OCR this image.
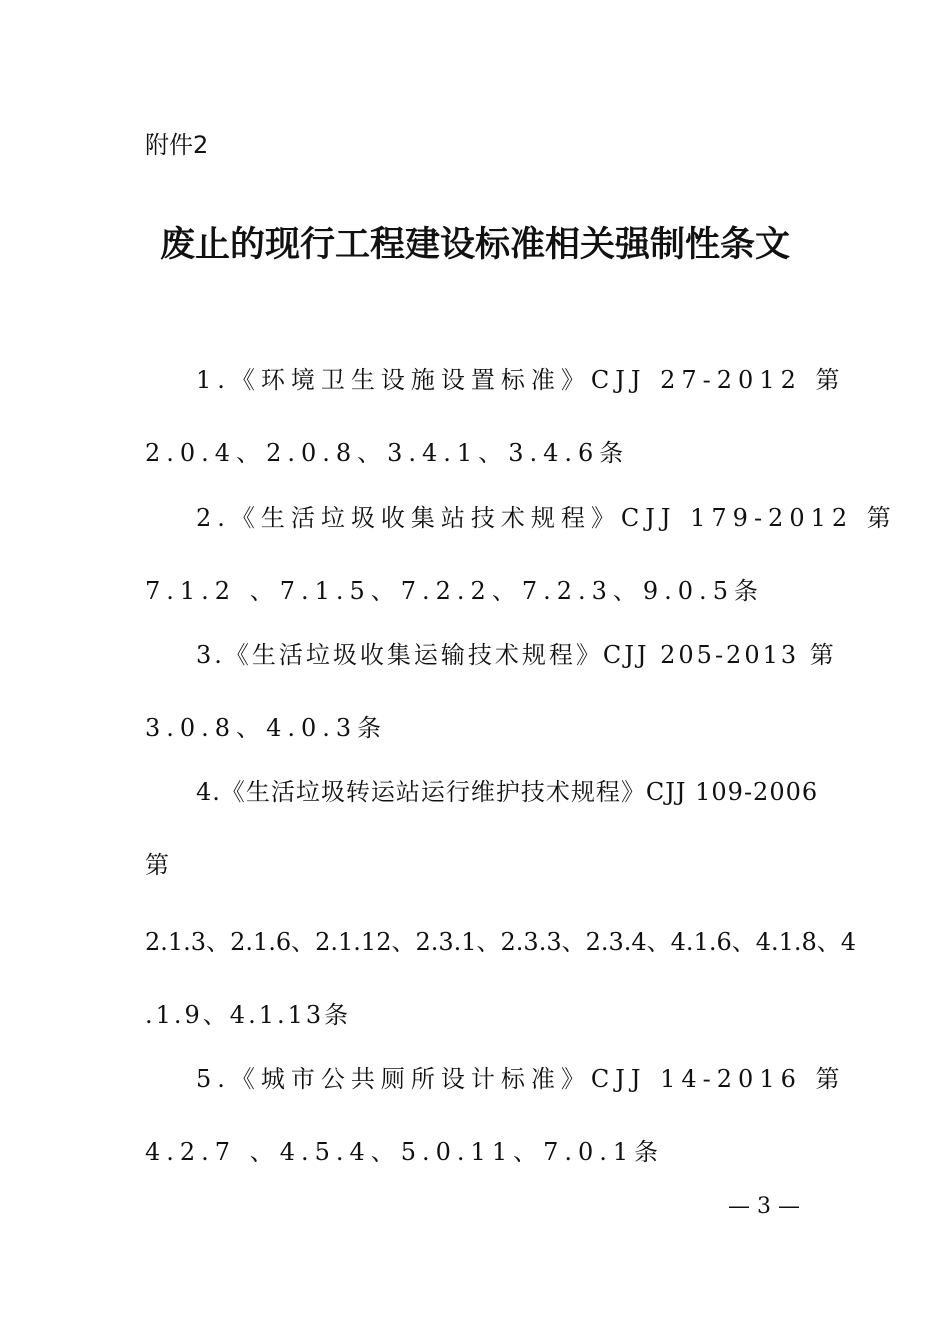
附件2
废止的现行工程建设标准相关强制性条文
1.《环境卫生设施设置标准》CJJ 27-2012 第
2.0.4、2.0.8、3.4.1、3.4.6条
2.《生活垃圾收集站技术规程》CJJ 179-2012 第
7.1.2 、7.1.5、7.2.2、7.2.3、9.0.5条
3.《生活垃圾收集运输技术规程》CJJ 205-2013 第
3.0.8、4.0.3条
4.《生活垃圾转运站运行维护技术规程》CJJ 109-2006
第
2.1.3、2.1.6、2.1.12、2.3.1、2.3.3、2.3.4、4.1.6、4.1.8、4
.1.9、4.1.13条
5.《城市公共厕所设计标准》CJJ 14-2016 第
4.2.7 、4.5.4、5.0.11、7.0.1条
— 3 —
